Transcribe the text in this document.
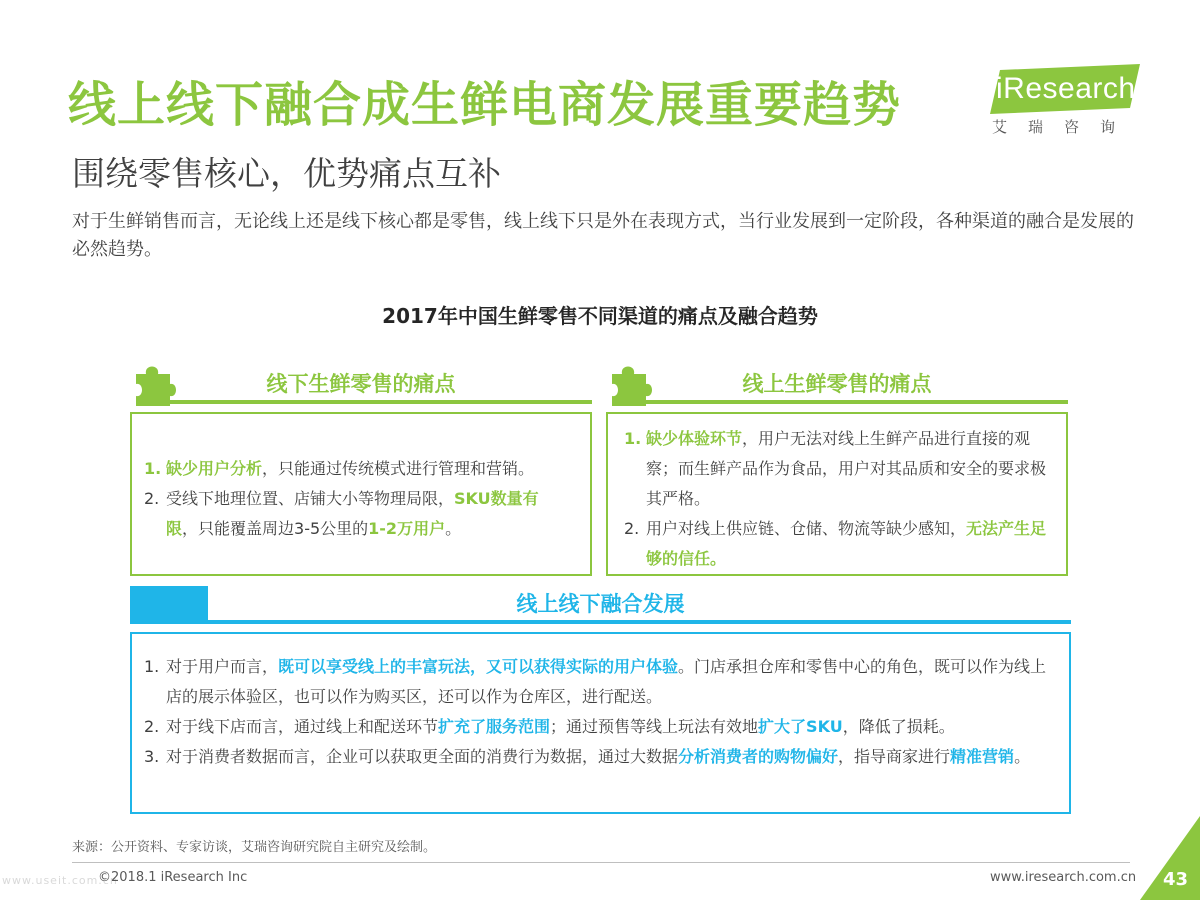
线上线下融合成生鲜电商发展重要趋势	iResearch
艾瑞咨询
围绕零售核心，优势痛点互补

对于生鲜销售而言，无论线上还是线下核心都是零售，线上线下只是外在表现方式，当行业发展到一定阶段，各种渠道的融合是发展的必然趋势。

2017年中国生鲜零售不同渠道的痛点及融合趋势
线下生鲜零售的痛点	线上生鲜零售的痛点
1. 缺少用户分析，只能通过传统模式进行管理和营销。
2. 受线下地理位置、店铺大小等物理局限，SKU数量有限，只能覆盖周边3-5公里的1-2万用户。
1. 缺少体验环节，用户无法对线上生鲜产品进行直接的观察；而生鲜产品作为食品，用户对其品质和安全的要求极其严格。
2. 用户对线上供应链、仓储、物流等缺少感知，无法产生足够的信任。
线上线下融合发展
1. 对于用户而言，既可以享受线上的丰富玩法，又可以获得实际的用户体验。门店承担仓库和零售中心的角色，既可以作为线上店的展示体验区，也可以作为购买区，还可以作为仓库区，进行配送。
2. 对于线下店而言，通过线上和配送环节扩充了服务范围；通过预售等线上玩法有效地扩大了SKU，降低了损耗。
3. 对于消费者数据而言，企业可以获取更全面的消费行为数据，通过大数据分析消费者的购物偏好，指导商家进行精准营销。
来源：公开资料、专家访谈，艾瑞咨询研究院自主研究及绘制。
www.useit.com.cn
©2018.1 iResearch Inc	www.iresearch.com.cn 43
